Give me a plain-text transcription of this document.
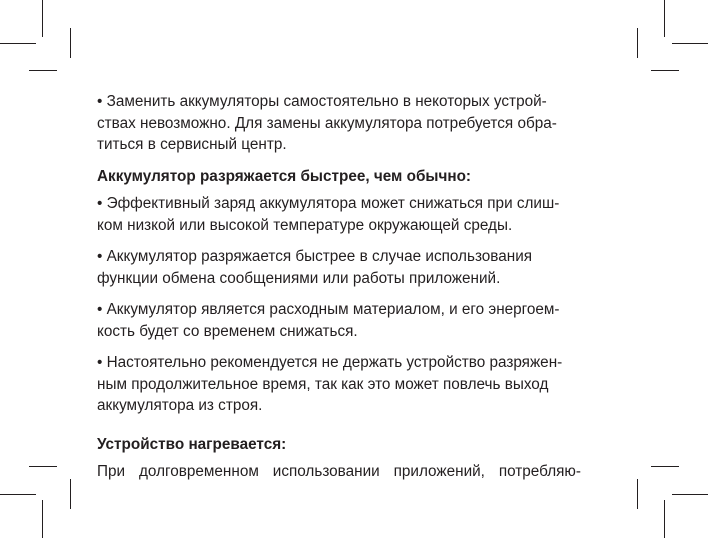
• Заменить аккумуляторы самостоятельно в некоторых устрой-
ствах невозможно. Для замены аккумулятора потребуется обра-
титься в сервисный центр.

Аккумулятор разряжается быстрее, чем обычно:

• Эффективный заряд аккумулятора может снижаться при слиш-
ком низкой или высокой температуре окружающей среды.

• Аккумулятор разряжается быстрее в случае использования
функции обмена сообщениями или работы приложений.

• Аккумулятор является расходным материалом, и его энергоем-
кость будет со временем снижаться.

• Настоятельно рекомендуется не держать устройство разряжен-
ным продолжительное время, так как это может повлечь выход
аккумулятора из строя.

Устройство нагревается:

При долговременном использовании приложений, потребляю-
